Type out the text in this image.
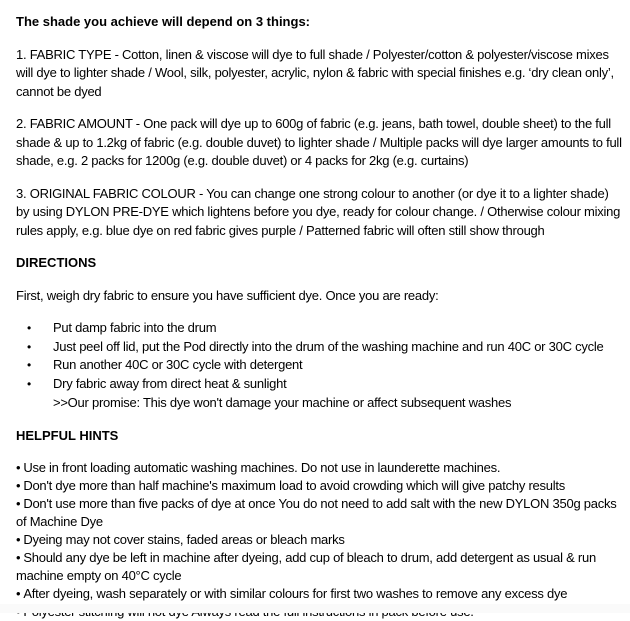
The shade you achieve will depend on 3 things:

1. FABRIC TYPE - Cotton, linen & viscose will dye to full shade / Polyester/cotton & polyester/viscose mixes will dye to lighter shade / Wool, silk, polyester, acrylic, nylon & fabric with special finishes e.g. ‘dry clean only’, cannot be dyed

2. FABRIC AMOUNT - One pack will dye up to 600g of fabric (e.g. jeans, bath towel, double sheet) to the full shade & up to 1.2kg of fabric (e.g. double duvet) to lighter shade / Multiple packs will dye larger amounts to full shade, e.g. 2 packs for 1200g (e.g. double duvet) or 4 packs for 2kg (e.g. curtains)

3. ORIGINAL FABRIC COLOUR - You can change one strong colour to another (or dye it to a lighter shade) by using DYLON PRE-DYE which lightens before you dye, ready for colour change. / Otherwise colour mixing rules apply, e.g. blue dye on red fabric gives purple / Patterned fabric will often still show through

DIRECTIONS

First, weigh dry fabric to ensure you have sufficient dye. Once you are ready:

• Put damp fabric into the drum
• Just peel off lid, put the Pod directly into the drum of the washing machine and run 40C or 30C cycle
• Run another 40C or 30C cycle with detergent
• Dry fabric away from direct heat & sunlight
>>Our promise: This dye won't damage your machine or affect subsequent washes
HELPFUL HINTS
• Use in front loading automatic washing machines. Do not use in launderette machines.
• Don't dye more than half machine's maximum load to avoid crowding which will give patchy results
• Don't use more than five packs of dye at once You do not need to add salt with the new DYLON 350g packs of Machine Dye
• Dyeing may not cover stains, faded areas or bleach marks
• Should any dye be left in machine after dyeing, add cup of bleach to drum, add detergent as usual & run machine empty on 40°C cycle
• After dyeing, wash separately or with similar colours for first two washes to remove any excess dye
